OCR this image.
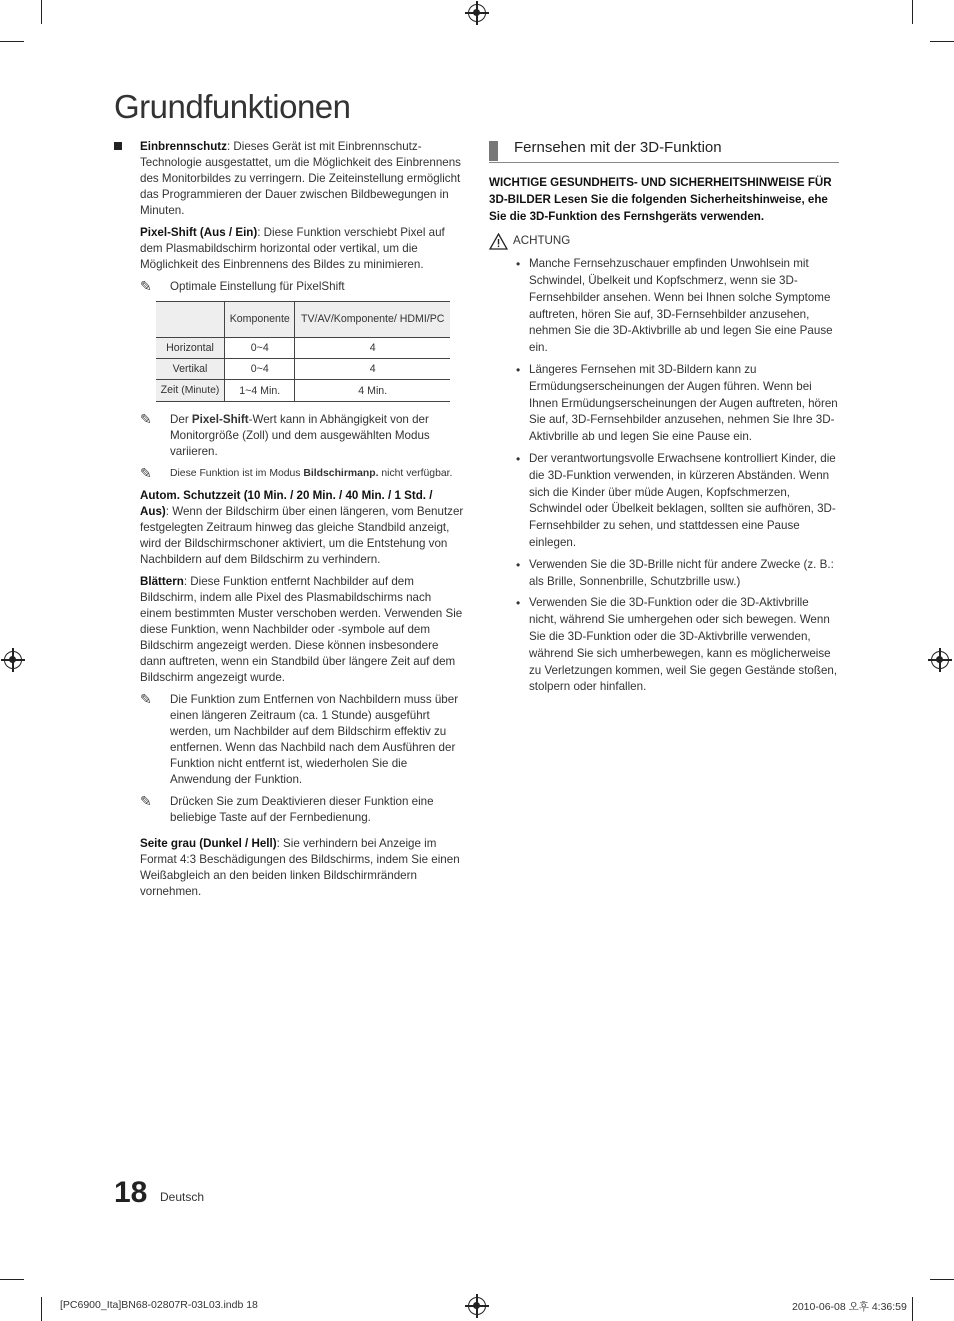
Grundfunktionen
Einbrennschutz: Dieses Gerät ist mit Einbrennschutz-Technologie ausgestattet, um die Möglichkeit des Einbrennens des Monitorbildes zu verringern. Die Zeiteinstellung ermöglicht das Programmieren der Dauer zwischen Bildbewegungen in Minuten.
Pixel-Shift (Aus / Ein): Diese Funktion verschiebt Pixel auf dem Plasmabildschirm horizontal oder vertikal, um die Möglichkeit des Einbrennens des Bildes zu minimieren.
✎ Optimale Einstellung für PixelShift
	Komponente	TV/AV/Komponente/ HDMI/PC
Horizontal	0~4	4
Vertikal	0~4	4
Zeit (Minute)	1~4 Min.	4 Min.
✎ Der Pixel-Shift-Wert kann in Abhängigkeit von der Monitorgröße (Zoll) und dem ausgewählten Modus variieren.
✎ Diese Funktion ist im Modus Bildschirmanp. nicht verfügbar.
Autom. Schutzzeit (10 Min. / 20 Min. / 40 Min. / 1 Std. / Aus): Wenn der Bildschirm über einen längeren, vom Benutzer festgelegten Zeitraum hinweg das gleiche Standbild anzeigt, wird der Bildschirmschoner aktiviert, um die Entstehung von Nachbildern auf dem Bildschirm zu verhindern.
Blättern: Diese Funktion entfernt Nachbilder auf dem Bildschirm, indem alle Pixel des Plasmabildschirms nach einem bestimmten Muster verschoben werden. Verwenden Sie diese Funktion, wenn Nachbilder oder -symbole auf dem Bildschirm angezeigt werden. Diese können insbesondere dann auftreten, wenn ein Standbild über längere Zeit auf dem Bildschirm angezeigt wurde.
✎ Die Funktion zum Entfernen von Nachbildern muss über einen längeren Zeitraum (ca. 1 Stunde) ausgeführt werden, um Nachbilder auf dem Bildschirm effektiv zu entfernen. Wenn das Nachbild nach dem Ausführen der Funktion nicht entfernt ist, wiederholen Sie die Anwendung der Funktion.
✎ Drücken Sie zum Deaktivieren dieser Funktion eine beliebige Taste auf der Fernbedienung.
Seite grau (Dunkel / Hell): Sie verhindern bei Anzeige im Format 4:3 Beschädigungen des Bildschirms, indem Sie einen Weißabgleich an den beiden linken Bildschirmrändern vornehmen.
Fernsehen mit der 3D-Funktion
WICHTIGE GESUNDHEITS- UND SICHERHEITSHINWEISE FÜR 3D-BILDER Lesen Sie die folgenden Sicherheitshinweise, ehe Sie die 3D-Funktion des Fernshgeräts verwenden.
ACHTUNG
• Manche Fernsehzuschauer empfinden Unwohlsein mit Schwindel, Übelkeit und Kopfschmerz, wenn sie 3D-Fernsehbilder ansehen. Wenn bei Ihnen solche Symptome auftreten, hören Sie auf, 3D-Fernsehbilder anzusehen, nehmen Sie die 3D-Aktivbrille ab und legen Sie eine Pause ein.
• Längeres Fernsehen mit 3D-Bildern kann zu Ermüdungserscheinungen der Augen führen. Wenn bei Ihnen Ermüdungserscheinungen der Augen auftreten, hören Sie auf, 3D-Fernsehbilder anzusehen, nehmen Sie Ihre 3D-Aktivbrille ab und legen Sie eine Pause ein.
• Der verantwortungsvolle Erwachsene kontrolliert Kinder, die die 3D-Funktion verwenden, in kürzeren Abständen. Wenn sich die Kinder über müde Augen, Kopfschmerzen, Schwindel oder Übelkeit beklagen, sollten sie aufhören, 3D-Fernsehbilder zu sehen, und stattdessen eine Pause einlegen.
• Verwenden Sie die 3D-Brille nicht für andere Zwecke (z. B.: als Brille, Sonnenbrille, Schutzbrille usw.)
• Verwenden Sie die 3D-Funktion oder die 3D-Aktivbrille nicht, während Sie umhergehen oder sich bewegen. Wenn Sie die 3D-Funktion oder die 3D-Aktivbrille verwenden, während Sie sich umherbewegen, kann es möglicherweise zu Verletzungen kommen, weil Sie gegen Gestände stoßen, stolpern oder hinfallen.
18 Deutsch
[PC6900_Ita]BN68-02807R-03L03.indb 18	2010-06-08 오후 4:36:59
